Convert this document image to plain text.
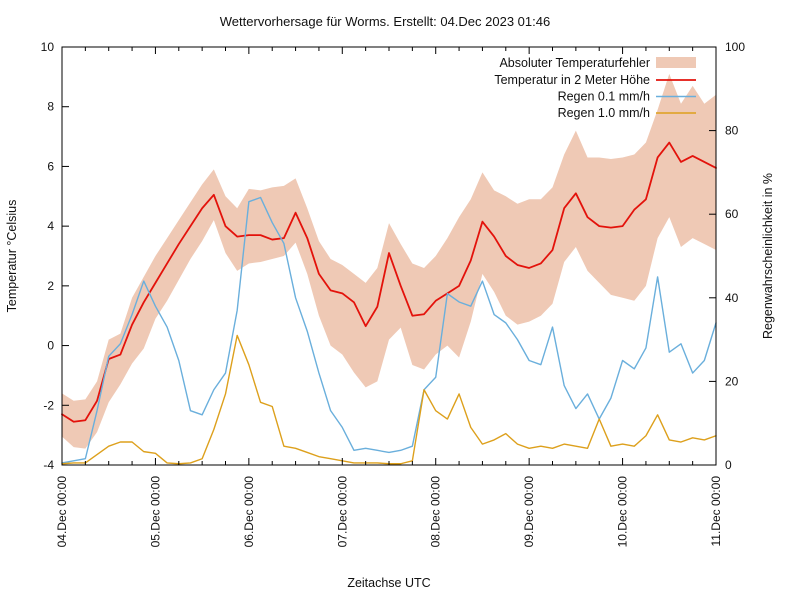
Wettervorhersage für Worms. Erstellt: 04.Dec 2023 01:46
04.Dec 00:00	05.Dec 00:00	06.Dec 00:00	07.Dec 00:00	08.Dec 00:00	09.Dec 00:00	10.Dec 00:00	11.Dec 00:00
-4
-2
0
2
4
6
8
10
0
20
40
60
80
100
Temperatur °Celsius	Regenwahrscheinlichkeit in %
Zeitachse UTC
Absoluter Temperaturfehler
Temperatur in 2 Meter Höhe
Regen 0.1 mm/h
Regen 1.0 mm/h
